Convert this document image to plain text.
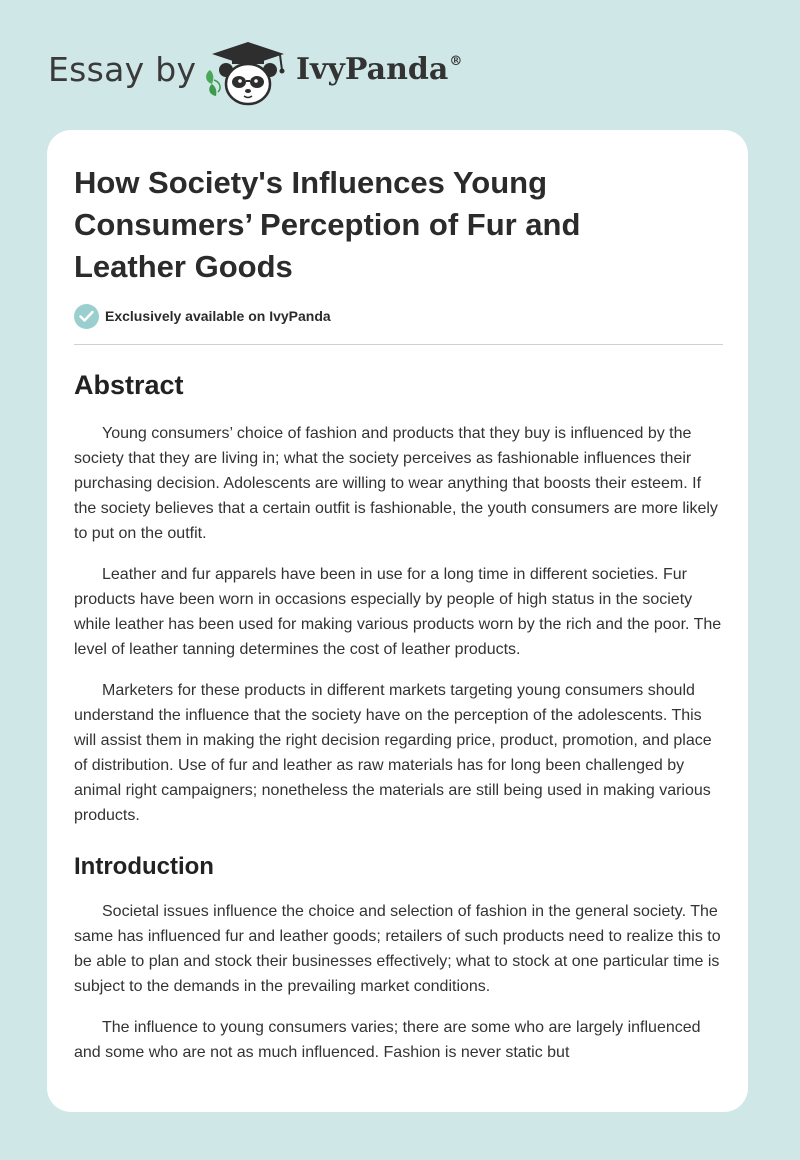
Essay by	IvyPanda®
How Society's Influences Young Consumers’ Perception of Fur and Leather Goods
Exclusively available on IvyPanda
Abstract

Young consumers’ choice of fashion and products that they buy is influenced by the society that they are living in; what the society perceives as fashionable influences their purchasing decision. Adolescents are willing to wear anything that boosts their esteem. If the society believes that a certain outfit is fashionable, the youth consumers are more likely to put on the outfit.

Leather and fur apparels have been in use for a long time in different societies. Fur products have been worn in occasions especially by people of high status in the society while leather has been used for making various products worn by the rich and the poor. The level of leather tanning determines the cost of leather products.

Marketers for these products in different markets targeting young consumers should understand the influence that the society have on the perception of the adolescents. This will assist them in making the right decision regarding price, product, promotion, and place of distribution. Use of fur and leather as raw materials has for long been challenged by animal right campaigners; nonetheless the materials are still being used in making various products.

Introduction

Societal issues influence the choice and selection of fashion in the general society. The same has influenced fur and leather goods; retailers of such products need to realize this to be able to plan and stock their businesses effectively; what to stock at one particular time is subject to the demands in the prevailing market conditions.

The influence to young consumers varies; there are some who are largely influenced and some who are not as much influenced. Fashion is never static but
